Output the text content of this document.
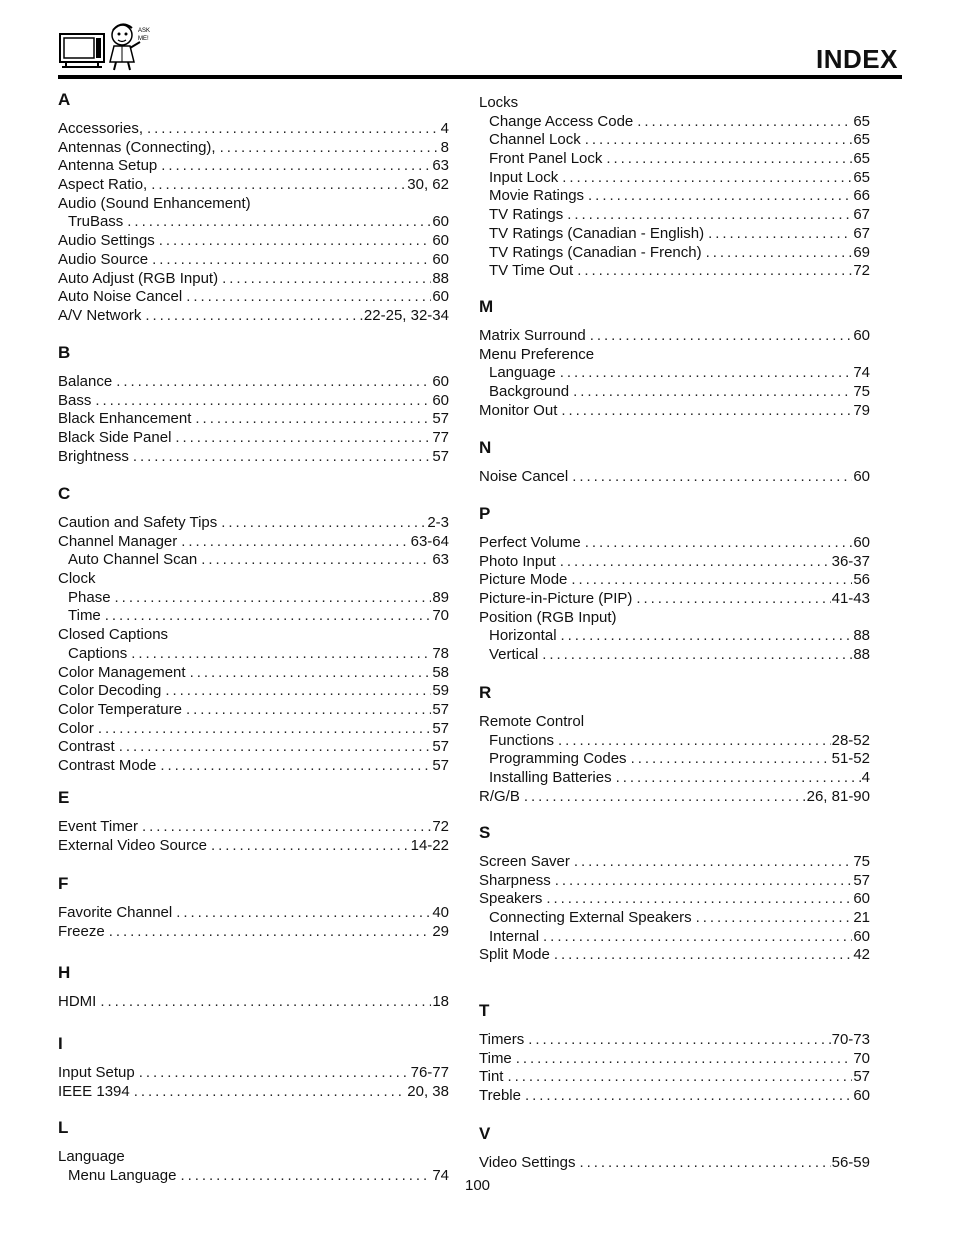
ASK
ME!
INDEX
A
Accessories, . . .	4
Antennas (Connecting), . . .	8
Antenna Setup . . .	63
Aspect Ratio, . . .	30, 62
Audio (Sound Enhancement)
TruBass . . .	60
Audio Settings . . .	60
Audio Source . . .	60
Auto Adjust (RGB Input) . . .	88
Auto Noise Cancel . . .	60
A/V Network . . .	22-25, 32-34
B
Balance . . .	60
Bass . . .	60
Black Enhancement . . .	57
Black Side Panel . . .	77
Brightness . . .	57
C
Caution and Safety Tips . . .	2-3
Channel Manager . . .	63-64
Auto Channel Scan . . .	63
Clock
Phase . . .	89
Time . . .	70
Closed Captions
Captions . . .	78
Color Management . . .	58
Color Decoding . . .	59
Color Temperature . . .	57
Color . . .	57
Contrast . . .	57
Contrast Mode . . .	57
E
Event Timer . . .	72
External Video Source . . .	14-22
F
Favorite Channel . . .	40
Freeze . . .	29
H
HDMI . . .	18
I
Input Setup . . .	76-77
IEEE 1394 . . .	20, 38
L
Language
Menu Language . . .	74
Locks
Change Access Code . . .	65
Channel Lock . . .	65
Front Panel Lock . . .	65
Input Lock . . .	65
Movie Ratings . . .	66
TV Ratings . . .	67
TV Ratings (Canadian - English) . . .	67
TV Ratings (Canadian - French) . . .	69
TV Time Out . . .	72
M
Matrix Surround . . .	60
Menu Preference
Language . . .	74
Background . . .	75
Monitor Out . . .	79
N
Noise Cancel . . .	60
P
Perfect Volume . . .	60
Photo Input . . .	36-37
Picture Mode . . .	56
Picture-in-Picture (PIP) . . .	41-43
Position (RGB Input)
Horizontal . . .	88
Vertical . . .	88
R
Remote Control
Functions . . .	28-52
Programming Codes . . .	51-52
Installing Batteries . . .	4
R/G/B . . .	26, 81-90
S
Screen Saver . . .	75
Sharpness . . .	57
Speakers . . .	60
Connecting External Speakers . . .	21
Internal . . .	60
Split Mode . . .	42
T
Timers . . .	70-73
Time . . .	70
Tint . . .	57
Treble . . .	60
V
Video Settings . . .	56-59
100
